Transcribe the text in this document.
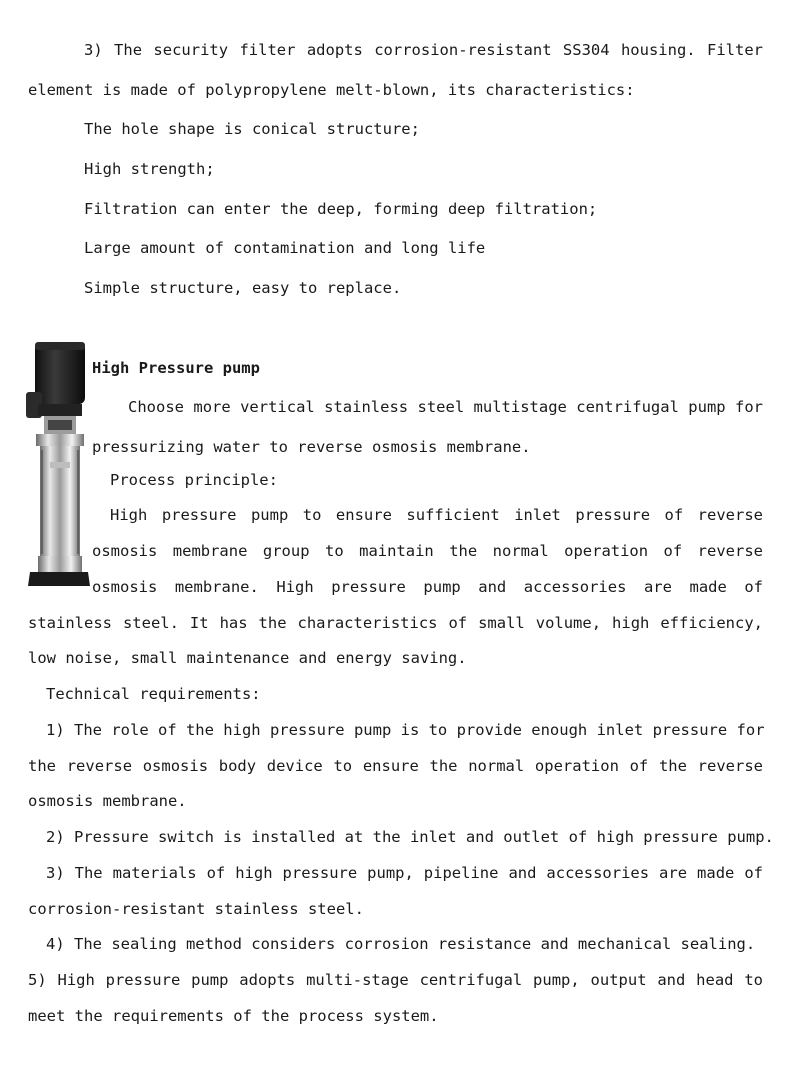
3) The security filter adopts corrosion-resistant SS304 housing. Filter
element is made of polypropylene melt-blown, its characteristics:
The hole shape is conical structure;
High strength;
Filtration can enter the deep, forming deep filtration;
Large amount of contamination and long life
Simple structure, easy to replace.
High Pressure pump
Choose more vertical stainless steel multistage centrifugal pump for
pressurizing water to reverse osmosis membrane.
Process principle:
High pressure pump to ensure sufficient inlet pressure of reverse
osmosis membrane group to maintain the normal operation of reverse
osmosis membrane. High pressure pump and accessories are made of
stainless steel. It has the characteristics of small volume, high efficiency,
low noise, small maintenance and energy saving.
Technical requirements:
1) The role of the high pressure pump is to provide enough inlet pressure for
the reverse osmosis body device to ensure the normal operation of the reverse
osmosis membrane.
2) Pressure switch is installed at the inlet and outlet of high pressure pump.
3) The materials of high pressure pump, pipeline and accessories are made of
corrosion-resistant stainless steel.
4) The sealing method considers corrosion resistance and mechanical sealing.
5) High pressure pump adopts multi-stage centrifugal pump, output and head to
meet the requirements of the process system.
